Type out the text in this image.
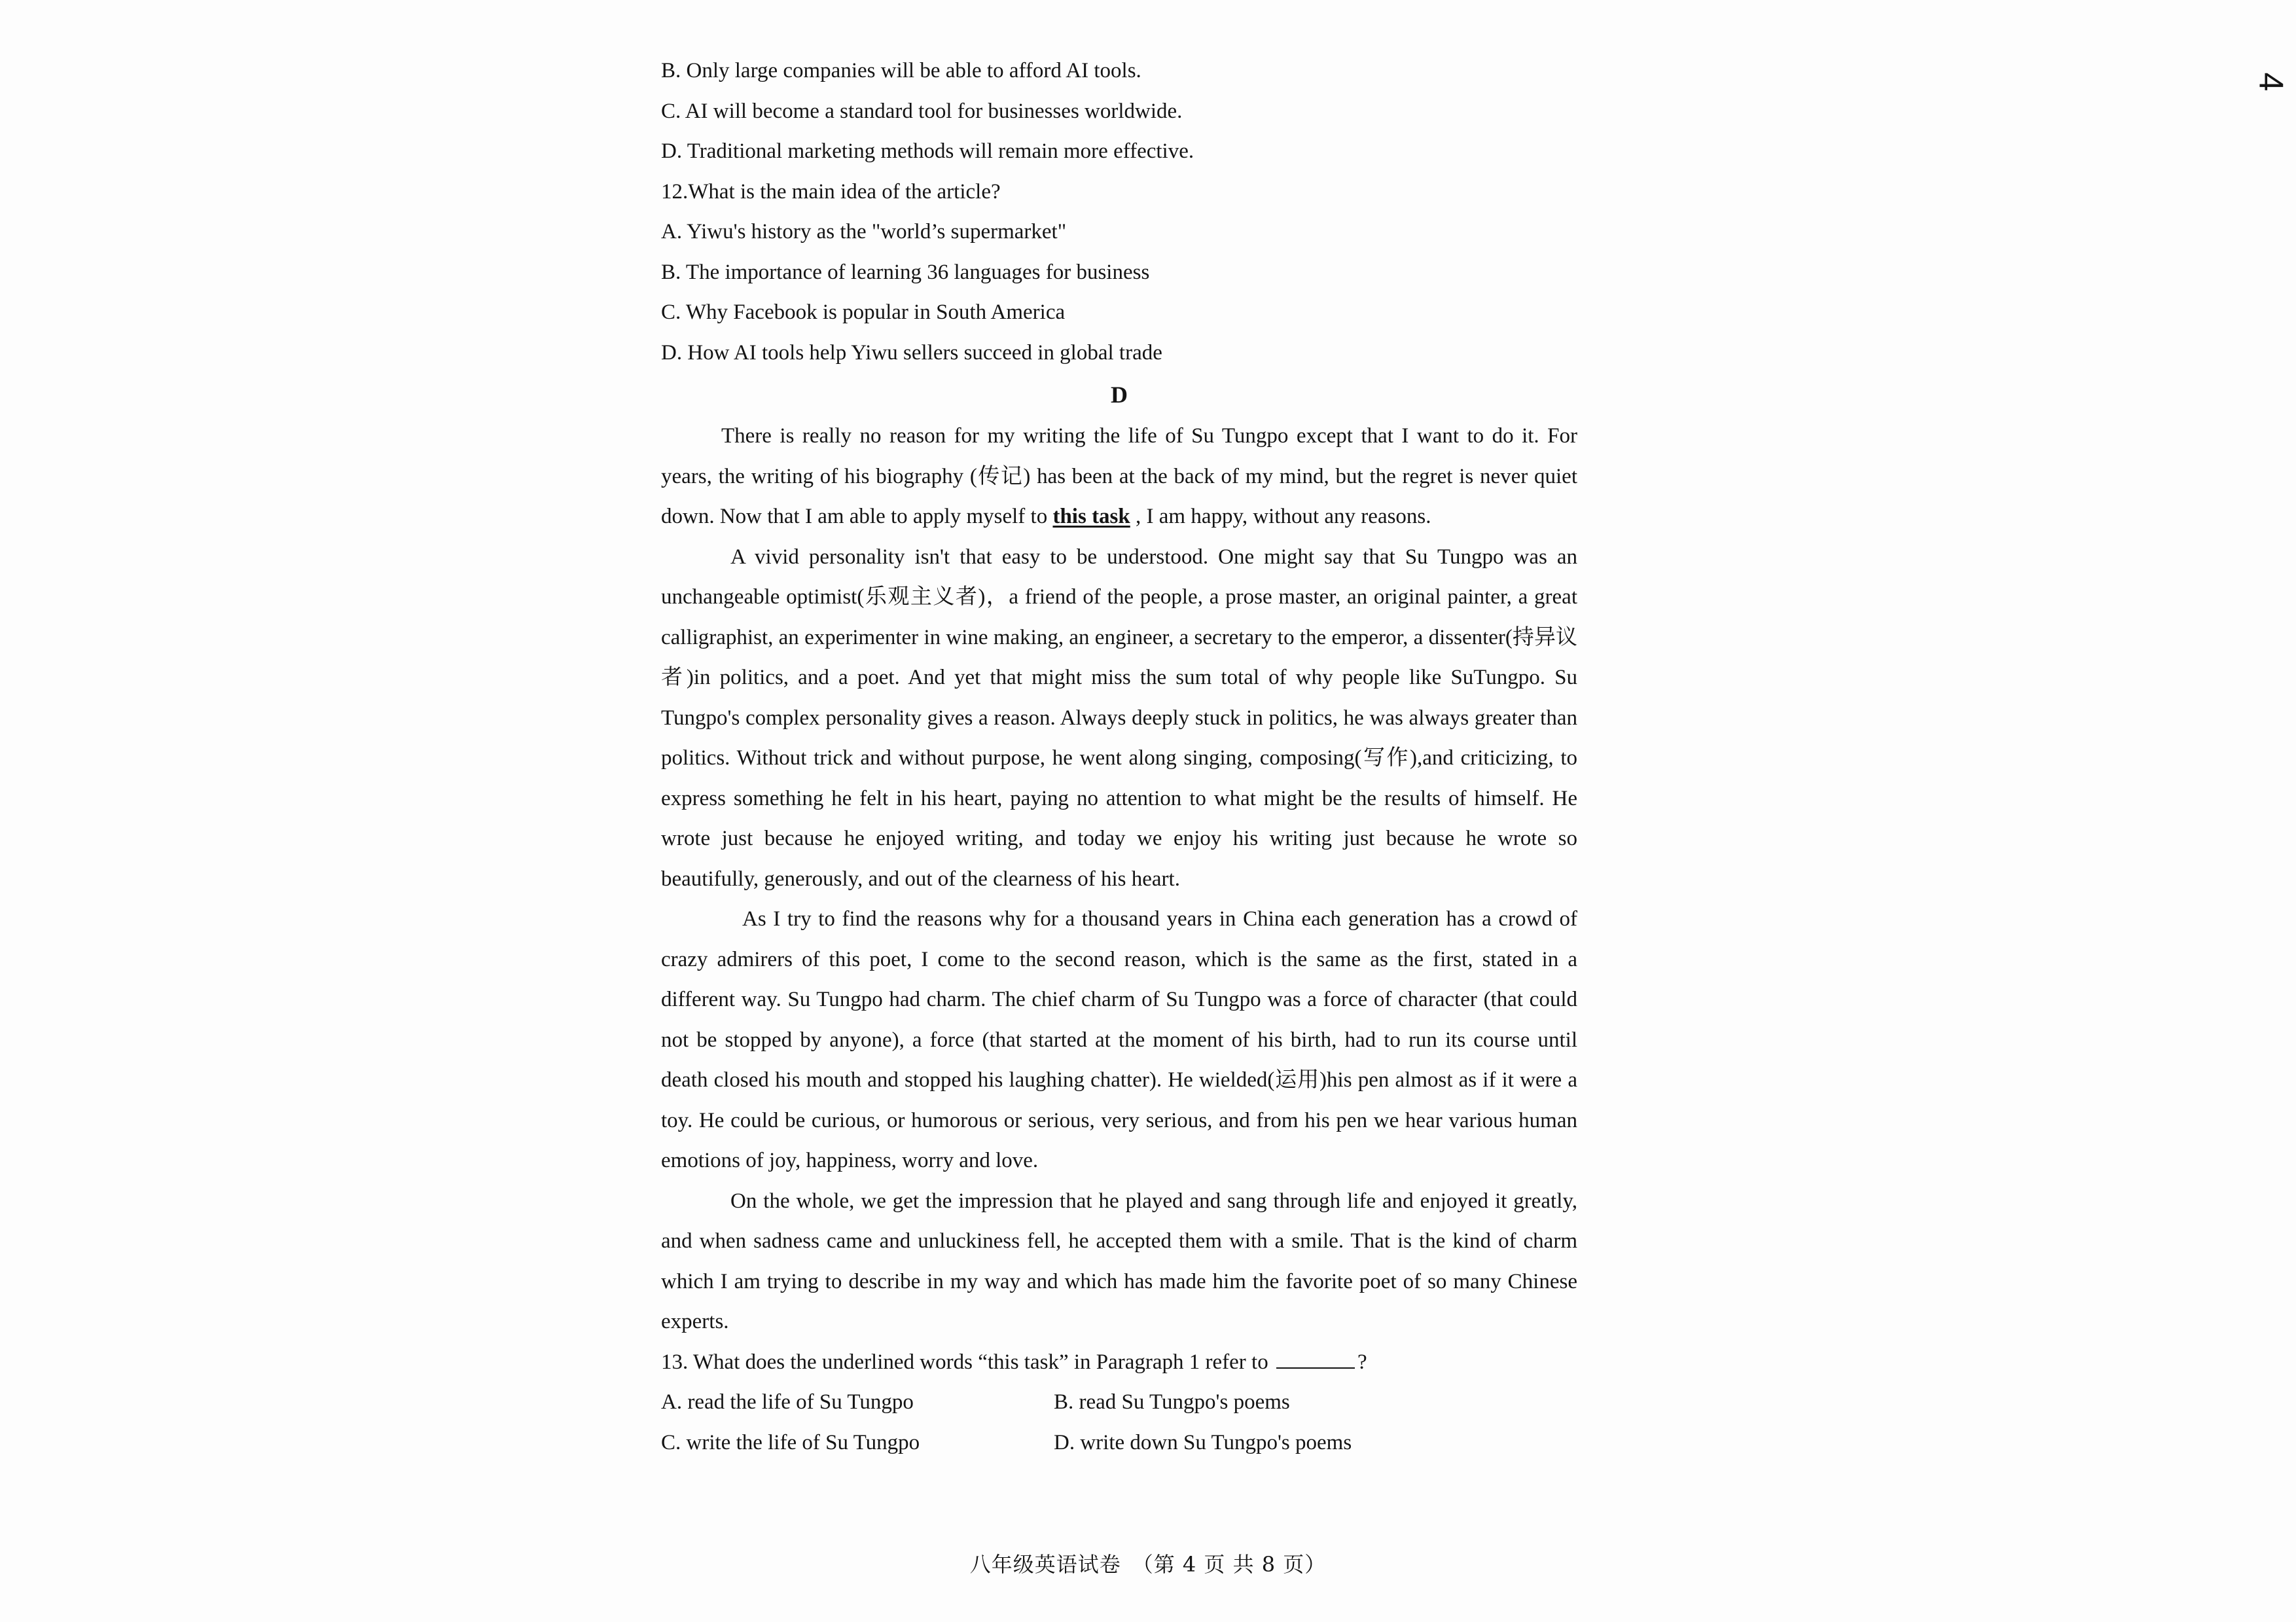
4

B. Only large companies will be able to afford AI tools.

C. AI will become a standard tool for businesses worldwide.

D. Traditional marketing methods will remain more effective.

12.What is the main idea of the article?

A. Yiwu's history as the "world’s supermarket"

B. The importance of learning 36 languages for business

C. Why Facebook is popular in South America

D. How AI tools help Yiwu sellers succeed in global trade

D

There is really no reason for my writing the life of Su Tungpo except that I want to do it. For years, the writing of his biography (传记) has been at the back of my mind, but the regret is never quiet down. Now that I am able to apply myself to this task , I am happy, without any reasons.

A vivid personality isn't that easy to be understood. One might say that Su Tungpo was an unchangeable optimist(乐观主义者)，a friend of the people, a prose master, an original painter, a great calligraphist, an experimenter in wine making, an engineer, a secretary to the emperor, a dissenter(持异议者)in politics, and a poet. And yet that might miss the sum total of why people like SuTungpo. Su Tungpo's complex personality gives a reason. Always deeply stuck in politics, he was always greater than politics. Without trick and without purpose, he went along singing, composing(写作),and criticizing, to express something he felt in his heart, paying no attention to what might be the results of himself. He wrote just because he enjoyed writing, and today we enjoy his writing just because he wrote so beautifully, generously, and out of the clearness of his heart.

As I try to find the reasons why for a thousand years in China each generation has a crowd of crazy admirers of this poet, I come to the second reason, which is the same as the first, stated in a different way. Su Tungpo had charm. The chief charm of Su Tungpo was a force of character (that could not be stopped by anyone), a force (that started at the moment of his birth, had to run its course until death closed his mouth and stopped his laughing chatter). He wielded(运用)his pen almost as if it were a toy. He could be curious, or humorous or serious, very serious, and from his pen we hear various human emotions of joy, happiness, worry and love.

On the whole, we get the impression that he played and sang through life and enjoyed it greatly, and when sadness came and unluckiness fell, he accepted them with a smile. That is the kind of charm which I am trying to describe in my way and which has made him the favorite poet of so many Chinese experts.

13. What does the underlined words “this task” in Paragraph 1 refer to	?

A. read the life of Su Tungpo	B. read Su Tungpo's poems
C. write the life of Su Tungpo	D. write down Su Tungpo's poems
八年级英语试卷　（第 4 页 共 8 页）
